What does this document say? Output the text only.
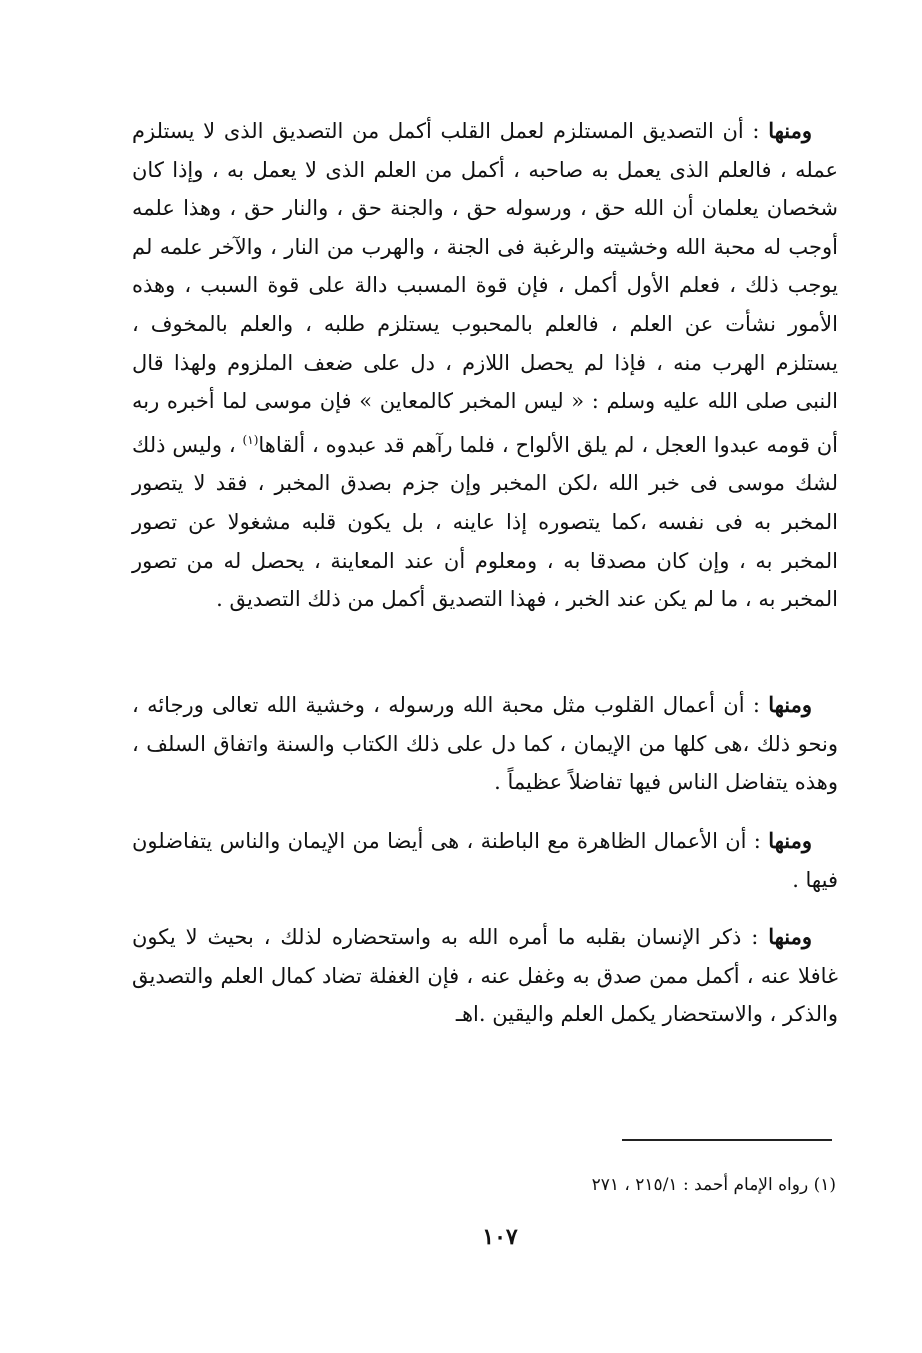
ومنها : أن التصديق المستلزم لعمل القلب أكمل من التصديق الذى لا يستلزم عمله ، فالعلم الذى يعمل به صاحبه ، أكمل من العلم الذى لا يعمل به ، وإذا كان شخصان يعلمان أن الله حق ، ورسوله حق ، والجنة حق ، والنار حق ، وهذا علمه أوجب له محبة الله وخشيته والرغبة فى الجنة ، والهرب من النار ، والآخر علمه لم يوجب ذلك ، فعلم الأول أكمل ، فإن قوة المسبب دالة على قوة السبب ، وهذه الأمور نشأت عن العلم ، فالعلم بالمحبوب يستلزم طلبه ، والعلم بالمخوف ، يستلزم الهرب منه ، فإذا لم يحصل اللازم ، دل على ضعف الملزوم ولهذا قال النبى صلى الله عليه وسلم : « ليس المخبر كالمعاين » فإن موسى لما أخبره ربه أن قومه عبدوا العجل ، لم يلق الألواح ، فلما رآهم قد عبدوه ، ألقاها$^{(١)}$ ، وليس ذلك لشك موسى فى خبر الله ،لكن المخبر وإن جزم بصدق المخبر ، فقد لا يتصور المخبر به فى نفسه ،كما يتصوره إذا عاينه ، بل يكون قلبه مشغولا عن تصور المخبر به ، وإن كان مصدقا به ، ومعلوم أن عند المعاينة ، يحصل له من تصور المخبر به ، ما لم يكن عند الخبر ، فهذا التصديق أكمل من ذلك التصديق .

ومنها : أن أعمال القلوب مثل محبة الله ورسوله ، وخشية الله تعالى ورجائه ، ونحو ذلك ،هى كلها من الإيمان ، كما دل على ذلك الكتاب والسنة واتفاق السلف ، وهذه يتفاضل الناس فيها تفاضلاً عظيماً .

ومنها : أن الأعمال الظاهرة مع الباطنة ، هى أيضا من الإيمان والناس يتفاضلون فيها .

ومنها : ذكر الإنسان بقلبه ما أمره الله به واستحضاره لذلك ، بحيث لا يكون غافلا عنه ، أكمل ممن صدق به وغفل عنه ، فإن الغفلة تضاد كمال العلم والتصديق والذكر ، والاستحضار يكمل العلم واليقين .اهـ

(١) رواه الإمام أحمد : ٢١٥/١ ، ٢٧١
١٠٧
